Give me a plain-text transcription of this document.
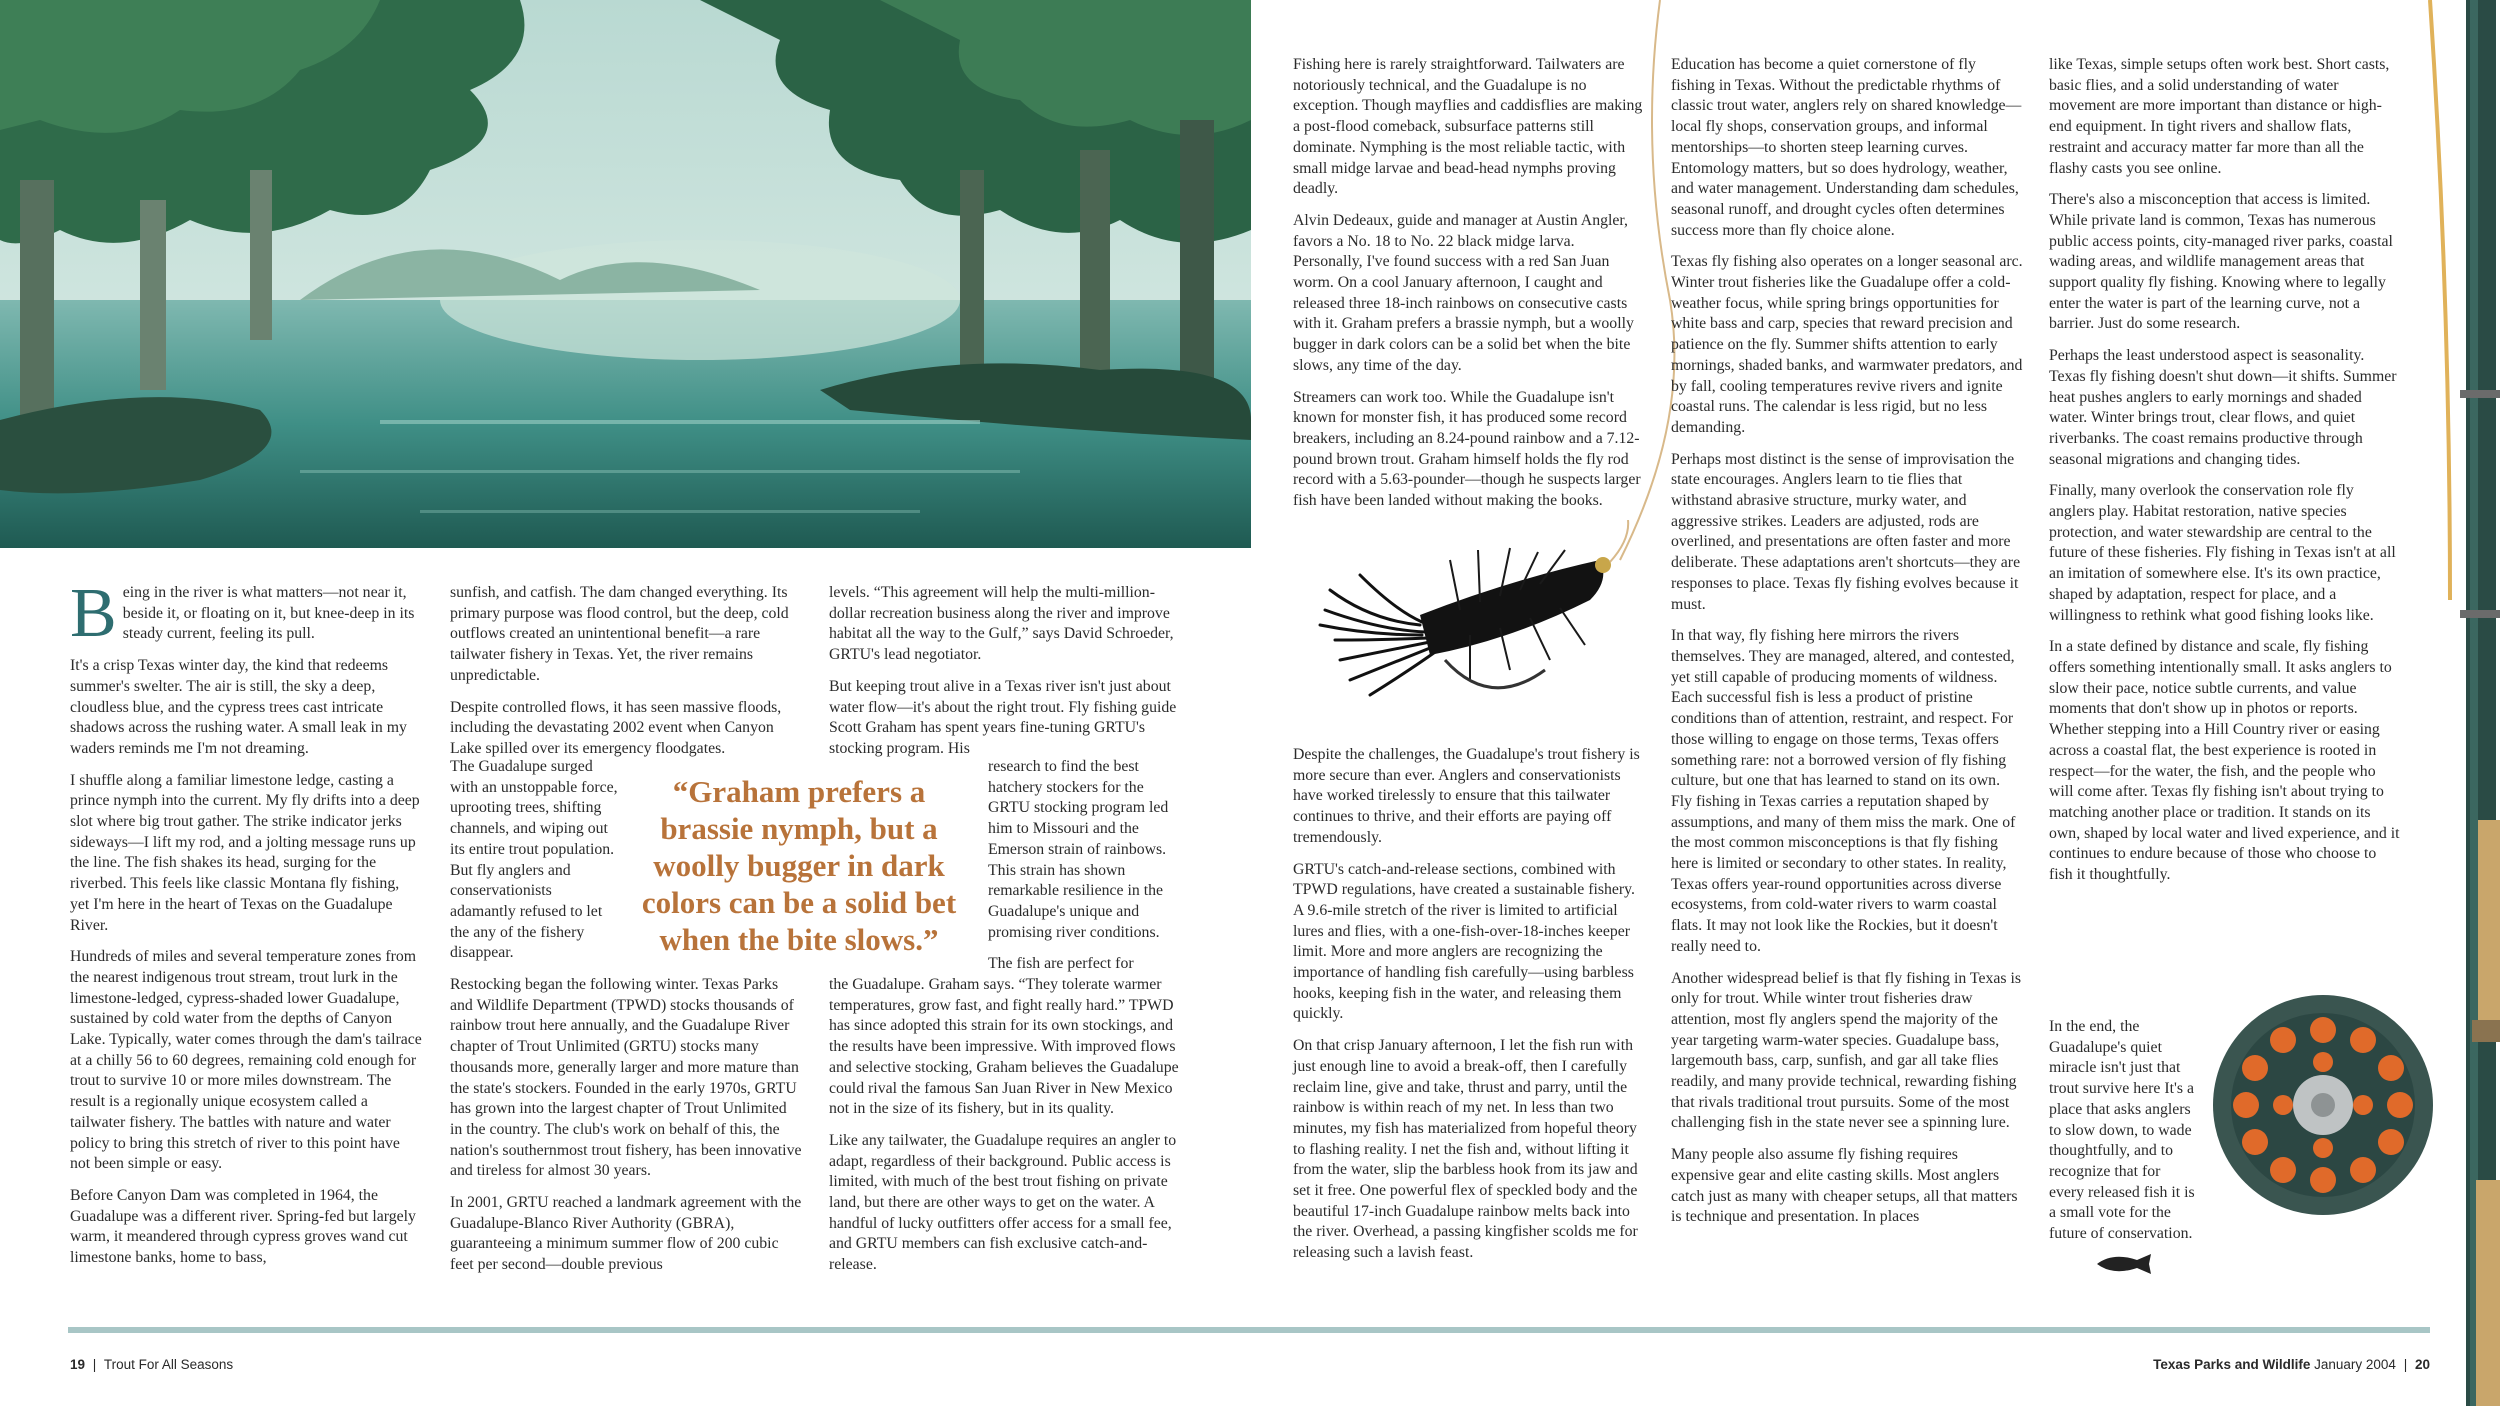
Being in the river is what matters—not near it, beside it, or floating on it, but knee-deep in its steady current, feeling its pull.

It's a crisp Texas winter day, the kind that redeems summer's swelter. The air is still, the sky a deep, cloudless blue, and the cypress trees cast intricate shadows across the rushing water. A small leak in my waders reminds me I'm not dreaming.

I shuffle along a familiar limestone ledge, casting a prince nymph into the current. My fly drifts into a deep slot where big trout gather. The strike indicator jerks sideways—I lift my rod, and a jolting message runs up the line. The fish shakes its head, surging for the riverbed. This feels like classic Montana fly fishing, yet I'm here in the heart of Texas on the Guadalupe River.

Hundreds of miles and several temperature zones from the nearest indigenous trout stream, trout lurk in the limestone-ledged, cypress-shaded lower Guadalupe, sustained by cold water from the depths of Canyon Lake. Typically, water comes through the dam's tailrace at a chilly 56 to 60 degrees, remaining cold enough for trout to survive 10 or more miles downstream. The result is a regionally unique ecosystem called a tailwater fishery. The battles with nature and water policy to bring this stretch of river to this point have not been simple or easy.

Before Canyon Dam was completed in 1964, the Guadalupe was a different river. Spring-fed but largely warm, it meandered through cypress groves wand cut limestone banks, home to bass,

sunfish, and catfish. The dam changed everything. Its primary purpose was flood control, but the deep, cold outflows created an unintentional benefit—a rare tailwater fishery in Texas. Yet, the river remains unpredictable.

Despite controlled flows, it has seen massive floods, including the devastating 2002 event when Canyon Lake spilled over its emergency floodgates.

The Guadalupe surged with an unstoppable force, uprooting trees, shifting channels, and wiping out its entire trout population. But fly anglers and conservationists adamantly refused to let the any of the fishery disappear.

Restocking began the following winter. Texas Parks and Wildlife Department (TPWD) stocks thousands of rainbow trout here annually, and the Guadalupe River chapter of Trout Unlimited (GRTU) stocks many thousands more, generally larger and more mature than the state's stockers. Founded in the early 1970s, GRTU has grown into the largest chapter of Trout Unlimited in the country. The club's work on behalf of this, the nation's southernmost trout fishery, has been innovative and tireless for almost 30 years.

In 2001, GRTU reached a landmark agreement with the Guadalupe-Blanco River Authority (GBRA), guaranteeing a minimum summer flow of 200 cubic feet per second—double previous

levels. “This agreement will help the multi-million-dollar recreation business along the river and improve habitat all the way to the Gulf,” says David Schroeder, GRTU's lead negotiator.

But keeping trout alive in a Texas river isn't just about water flow—it's about the right trout. Fly fishing guide Scott Graham has spent years fine-tuning GRTU's stocking program. His

research to find the best hatchery stockers for the GRTU stocking program led him to Missouri and the Emerson strain of rainbows. This strain has shown remarkable resilience in the Guadalupe's unique and promising river conditions.

The fish are perfect for

the Guadalupe. Graham says. “They tolerate warmer temperatures, grow fast, and fight really hard.” TPWD has since adopted this strain for its own stockings, and the results have been impressive. With improved flows and selective stocking, Graham believes the Guadalupe could rival the famous San Juan River in New Mexico not in the size of its fishery, but in its quality.

Like any tailwater, the Guadalupe requires an angler to adapt, regardless of their background. Public access is limited, with much of the best trout fishing on private land, but there are other ways to get on the water. A handful of lucky outfitters offer access for a small fee, and GRTU members can fish exclusive catch-and-release.

“Graham prefers a brassie nymph, but a woolly bugger in dark colors can be a solid bet when the bite slows.”

Fishing here is rarely straightforward. Tailwaters are notoriously technical, and the Guadalupe is no exception. Though mayflies and caddisflies are making a post-flood comeback, subsurface patterns still dominate. Nymphing is the most reliable tactic, with small midge larvae and bead-head nymphs proving deadly.

Alvin Dedeaux, guide and manager at Austin Angler, favors a No. 18 to No. 22 black midge larva. Personally, I've found success with a red San Juan worm. On a cool January afternoon, I caught and released three 18-inch rainbows on consecutive casts with it. Graham prefers a brassie nymph, but a woolly bugger in dark colors can be a solid bet when the bite slows, any time of the day.

Streamers can work too. While the Guadalupe isn't known for monster fish, it has produced some record breakers, including an 8.24-pound rainbow and a 7.12-pound brown trout. Graham himself holds the fly rod record with a 5.63-pounder—though he suspects larger fish have been landed without making the books.

Despite the challenges, the Guadalupe's trout fishery is more secure than ever. Anglers and conservationists have worked tirelessly to ensure that this tailwater continues to thrive, and their efforts are paying off tremendously.

GRTU's catch-and-release sections, combined with TPWD regulations, have created a sustainable fishery. A 9.6-mile stretch of the river is limited to artificial lures and flies, with a one-fish-over-18-inches keeper limit. More and more anglers are recognizing the importance of handling fish carefully—using barbless hooks, keeping fish in the water, and releasing them quickly.

On that crisp January afternoon, I let the fish run with just enough line to avoid a break-off, then I carefully reclaim line, give and take, thrust and parry, until the rainbow is within reach of my net. In less than two minutes, my fish has materialized from hopeful theory to flashing reality. I net the fish and, without lifting it from the water, slip the barbless hook from its jaw and set it free. One powerful flex of speckled body and the beautiful 17-inch Guadalupe rainbow melts back into the river. Overhead, a passing kingfisher scolds me for releasing such a lavish feast.

Education has become a quiet cornerstone of fly fishing in Texas. Without the predictable rhythms of classic trout water, anglers rely on shared knowledge—local fly shops, conservation groups, and informal mentorships—to shorten steep learning curves. Entomology matters, but so does hydrology, weather, and water management. Understanding dam schedules, seasonal runoff, and drought cycles often determines success more than fly choice alone.

Texas fly fishing also operates on a longer seasonal arc. Winter trout fisheries like the Guadalupe offer a cold-weather focus, while spring brings opportunities for white bass and carp, species that reward precision and patience on the fly. Summer shifts attention to early mornings, shaded banks, and warmwater predators, and by fall, cooling temperatures revive rivers and ignite coastal runs. The calendar is less rigid, but no less demanding.

Perhaps most distinct is the sense of improvisation the state encourages. Anglers learn to tie flies that withstand abrasive structure, murky water, and aggressive strikes. Leaders are adjusted, rods are overlined, and presentations are often faster and more deliberate. These adaptations aren't shortcuts—they are responses to place. Texas fly fishing evolves because it must.

In that way, fly fishing here mirrors the rivers themselves. They are managed, altered, and contested, yet still capable of producing moments of wildness. Each successful fish is less a product of pristine conditions than of attention, restraint, and respect. For those willing to engage on those terms, Texas offers something rare: not a borrowed version of fly fishing culture, but one that has learned to stand on its own. Fly fishing in Texas carries a reputation shaped by assumptions, and many of them miss the mark. One of the most common misconceptions is that fly fishing here is limited or secondary to other states. In reality, Texas offers year-round opportunities across diverse ecosystems, from cold-water rivers to warm coastal flats. It may not look like the Rockies, but it doesn't really need to.

Another widespread belief is that fly fishing in Texas is only for trout. While winter trout fisheries draw attention, most fly anglers spend the majority of the year targeting warm-water species. Guadalupe bass, largemouth bass, carp, sunfish, and gar all take flies readily, and many provide technical, rewarding fishing that rivals traditional trout pursuits. Some of the most challenging fish in the state never see a spinning lure.

Many people also assume fly fishing requires expensive gear and elite casting skills. Most anglers catch just as many with cheaper setups, all that matters is technique and presentation. In places

like Texas, simple setups often work best. Short casts, basic flies, and a solid understanding of water movement are more important than distance or high-end equipment. In tight rivers and shallow flats, restraint and accuracy matter far more than all the flashy casts you see online.

There's also a misconception that access is limited. While private land is common, Texas has numerous public access points, city-managed river parks, coastal wading areas, and wildlife management areas that support quality fly fishing. Knowing where to legally enter the water is part of the learning curve, not a barrier. Just do some research.

Perhaps the least understood aspect is seasonality. Texas fly fishing doesn't shut down—it shifts. Summer heat pushes anglers to early mornings and shaded water. Winter brings trout, clear flows, and quiet riverbanks. The coast remains productive through seasonal migrations and changing tides.

Finally, many overlook the conservation role fly anglers play. Habitat restoration, native species protection, and water stewardship are central to the future of these fisheries. Fly fishing in Texas isn't at all an imitation of somewhere else. It's its own practice, shaped by adaptation, respect for place, and a willingness to rethink what good fishing looks like.

In a state defined by distance and scale, fly fishing offers something intentionally small. It asks anglers to slow their pace, notice subtle currents, and value moments that don't show up in photos or reports. Whether stepping into a Hill Country river or easing across a coastal flat, the best experience is rooted in respect—for the water, the fish, and the people who will come after. Texas fly fishing isn't about trying to matching another place or tradition. It stands on its own, shaped by local water and lived experience, and it continues to endure because of those who choose to fish it thoughtfully.

In the end, the Guadalupe's quiet miracle isn't just that trout survive here It's a place that asks anglers to slow down, to wade thoughtfully, and to recognize that for every released fish it is a small vote for the future of conservation.

19 | Trout For All Seasons	Texas Parks and Wildlife January 2004 | 20
